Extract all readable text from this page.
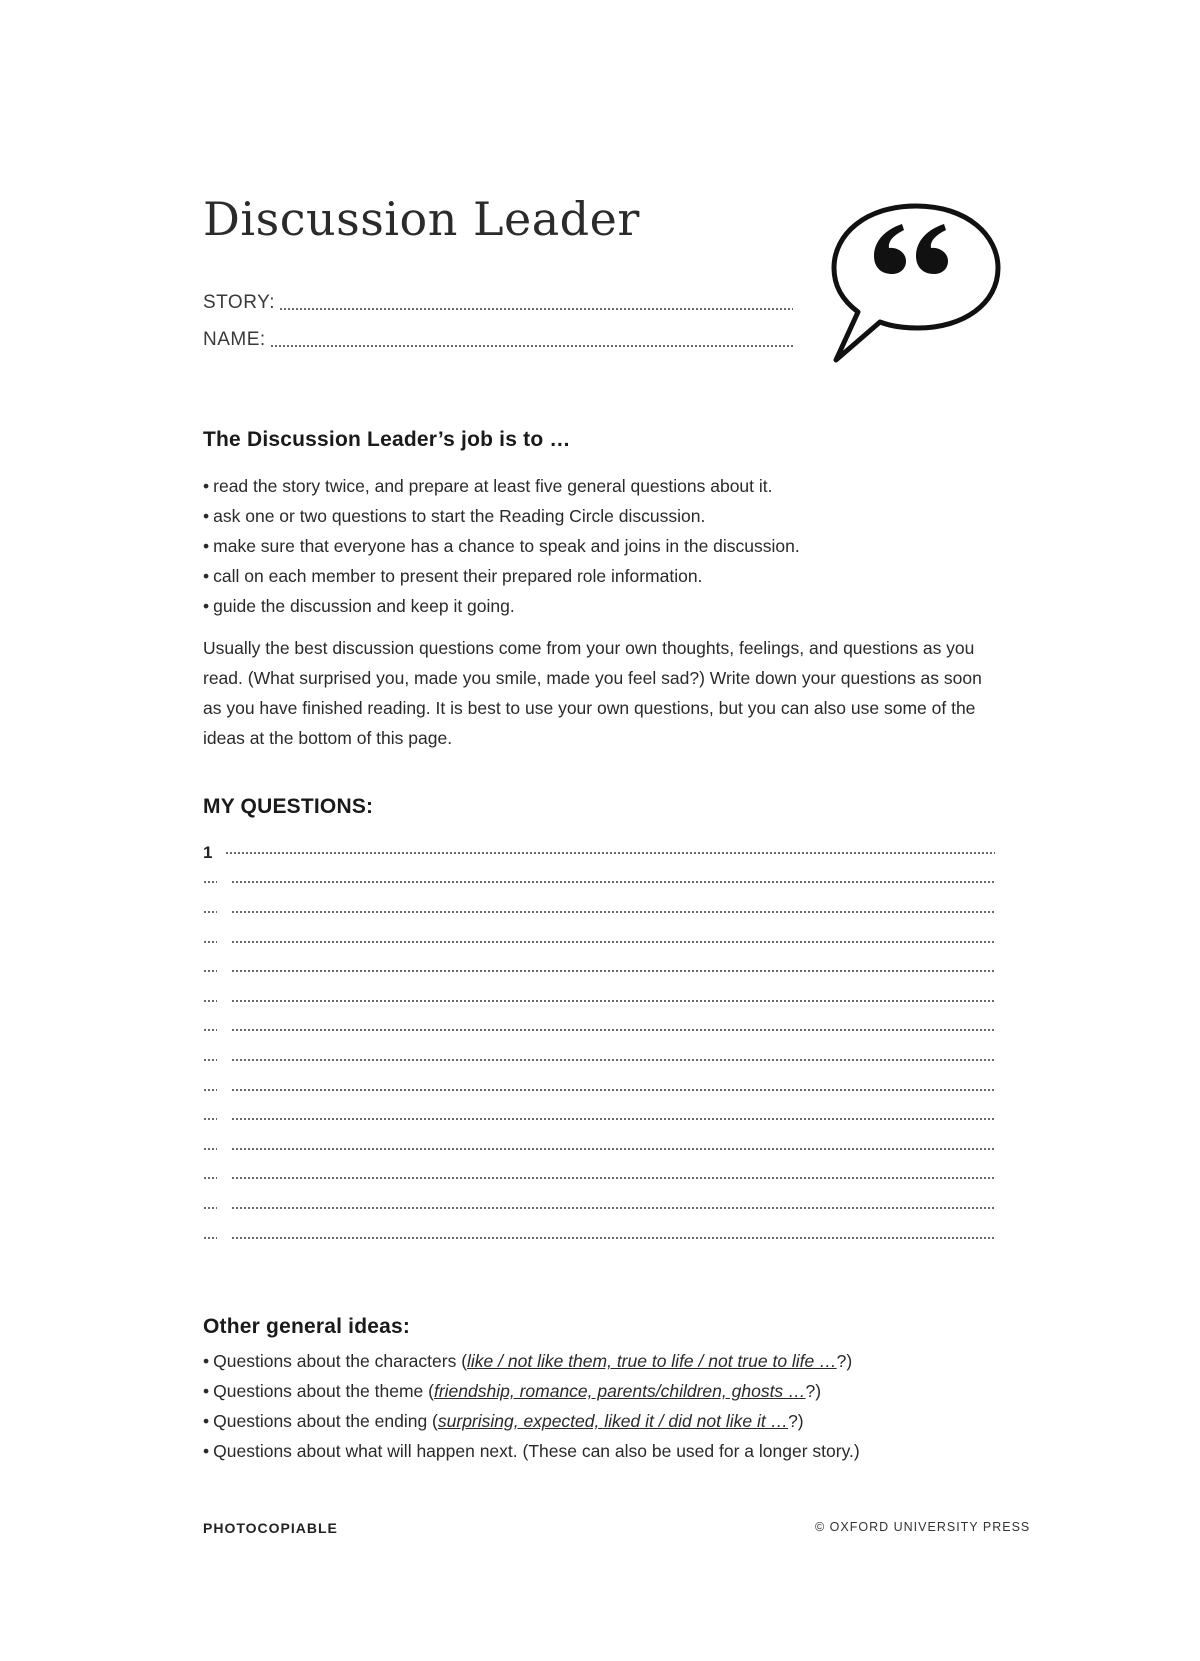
Discussion Leader
STORY:
NAME:
The Discussion Leader’s job is to …
• read the story twice, and prepare at least five general questions about it.
• ask one or two questions to start the Reading Circle discussion.
• make sure that everyone has a chance to speak and joins in the discussion.
• call on each member to present their prepared role information.
• guide the discussion and keep it going.

Usually the best discussion questions come from your own thoughts, feelings, and questions as you read. (What surprised you, made you smile, made you feel sad?) Write down your questions as soon as you have finished reading. It is best to use your own questions, but you can also use some of the ideas at the bottom of this page.

MY QUESTIONS:
1
Other general ideas:
• Questions about the characters (like / not like them, true to life / not true to life …?)
• Questions about the theme (friendship, romance, parents/children, ghosts …?)
• Questions about the ending (surprising, expected, liked it / did not like it …?)
• Questions about what will happen next. (These can also be used for a longer story.)
PHOTOCOPIABLE	© OXFORD UNIVERSITY PRESS
